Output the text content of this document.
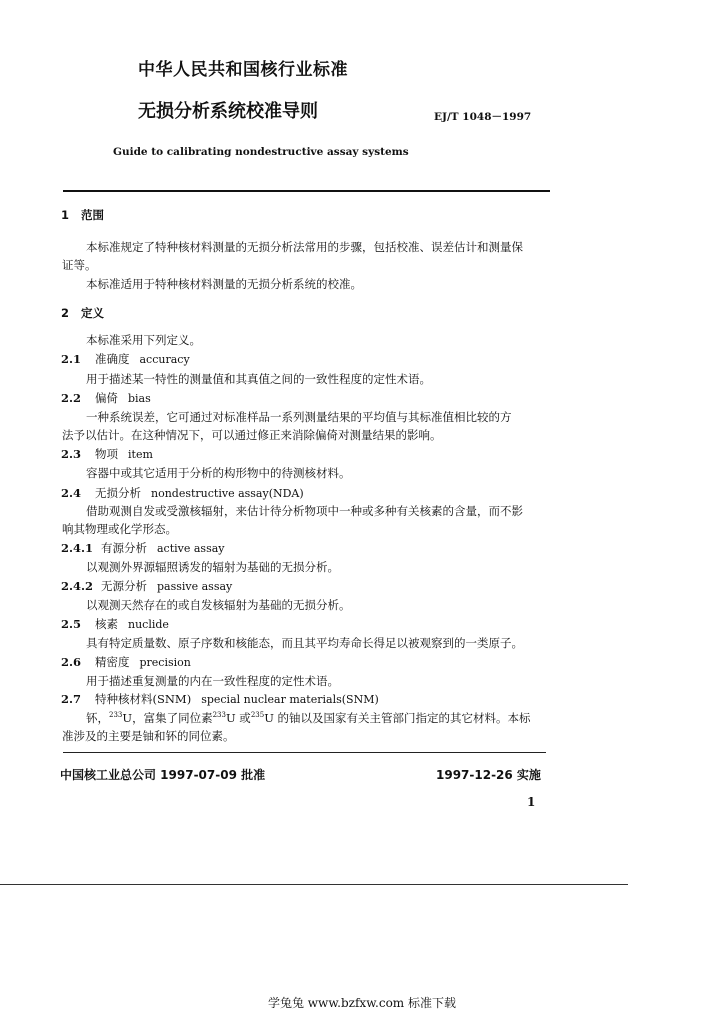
中华人民共和国核行业标准
无损分析系统校准导则	EJ/T 1048－1997
Guide to calibrating nondestructive assay systems
1 范围
本标准规定了特种核材料测量的无损分析法常用的步骤，包括校准、误差估计和测量保
证等。
本标准适用于特种核材料测量的无损分析系统的校准。
2 定义
本标准采用下列定义。
2.1 准确度 accuracy
用于描述某一特性的测量值和其真值之间的一致性程度的定性术语。
2.2 偏倚 bias
一种系统误差，它可通过对标准样品一系列测量结果的平均值与其标准值相比较的方
法予以估计。在这种情况下，可以通过修正来消除偏倚对测量结果的影响。
2.3 物项 item
容器中或其它适用于分析的构形物中的待测核材料。
2.4 无损分析 nondestructive assay(NDA)
借助观测自发或受激核辐射，来估计待分析物项中一种或多种有关核素的含量，而不影
响其物理或化学形态。
2.4.1 有源分析 active assay
以观测外界源辐照诱发的辐射为基础的无损分析。
2.4.2 无源分析 passive assay
以观测天然存在的或自发核辐射为基础的无损分析。
2.5 核素 nuclide
具有特定质量数、原子序数和核能态，而且其平均寿命长得足以被观察到的一类原子。
2.6 精密度 precision
用于描述重复测量的内在一致性程度的定性术语。
2.7 特种核材料(SNM) special nuclear materials(SNM)
钚，$^{233}$U，富集了同位素$^{233}$U 或$^{235}$U 的铀以及国家有关主管部门指定的其它材料。本标
准涉及的主要是铀和钚的同位素。
中国核工业总公司 1997-07-09 批准	1997-12-26 实施
1
学兔兔 www.bzfxw.com 标准下载
